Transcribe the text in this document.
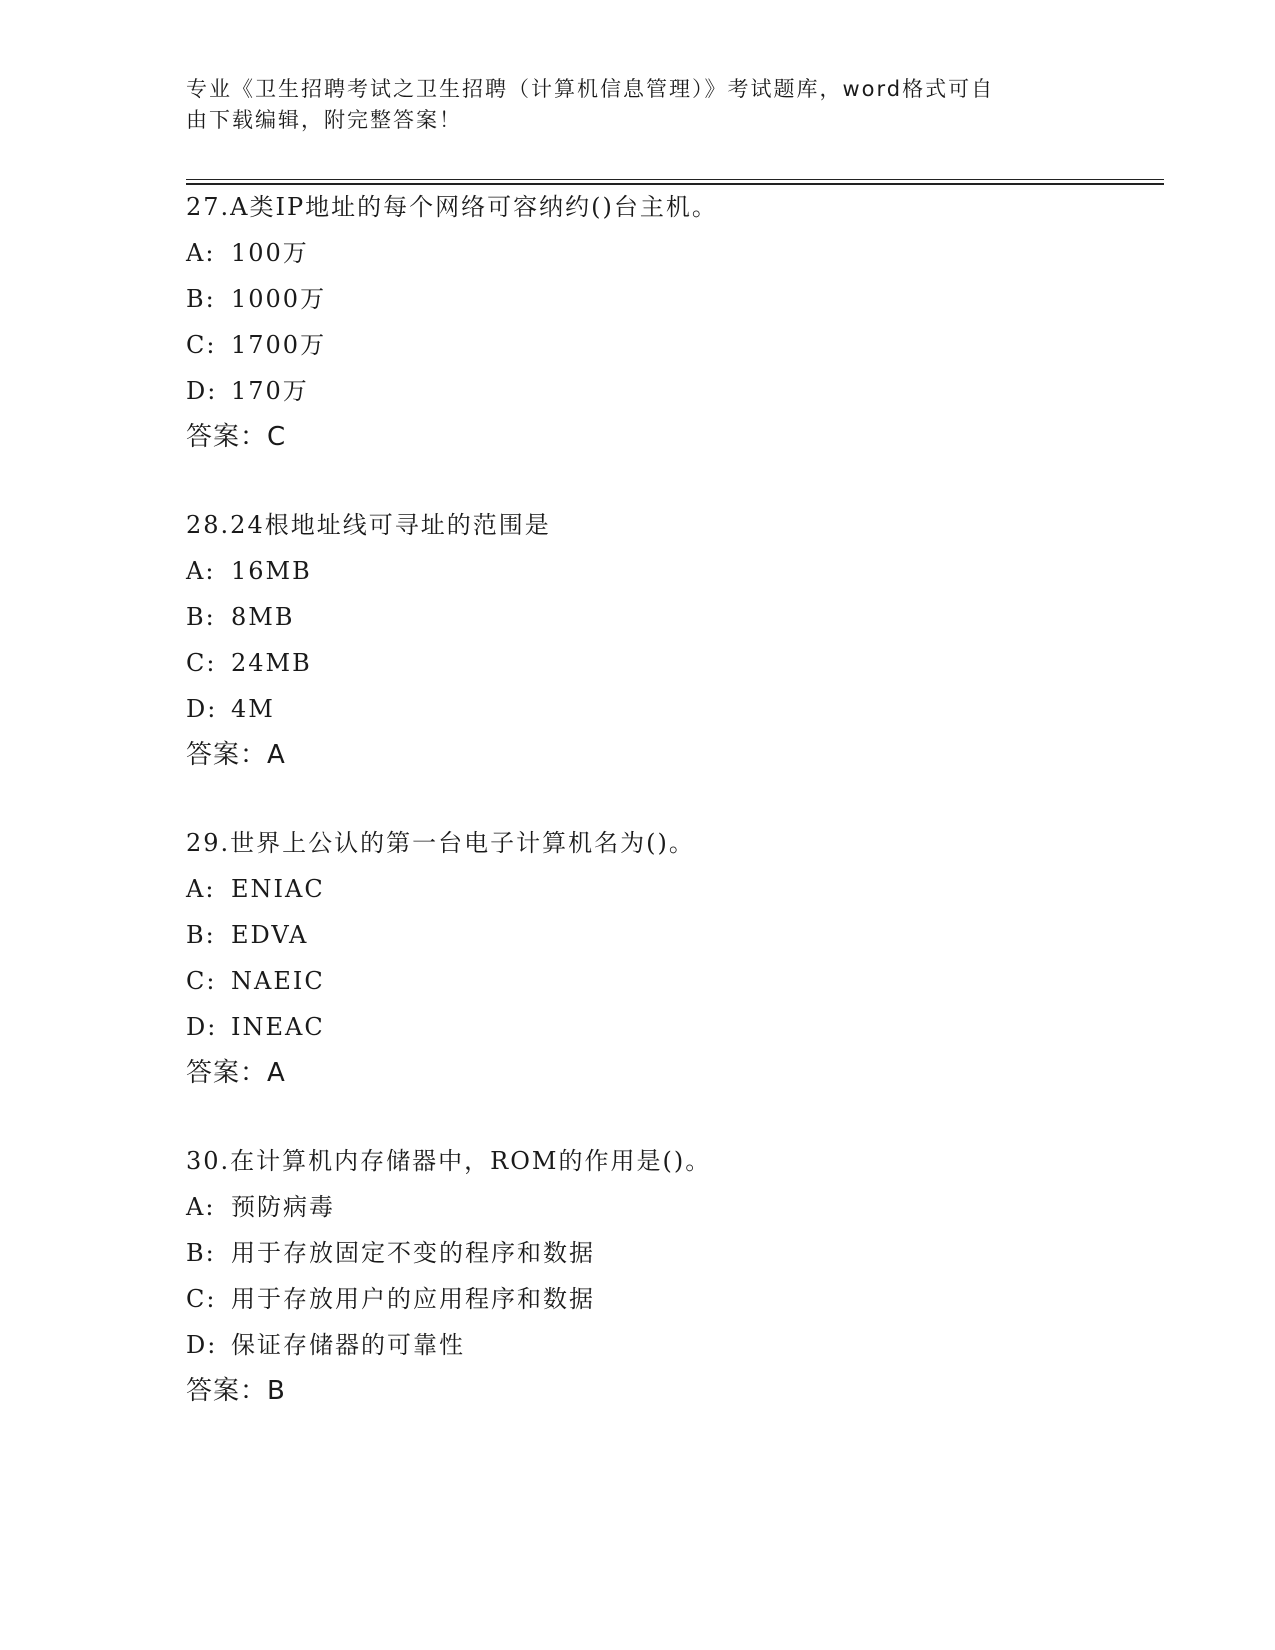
专业《卫生招聘考试之卫生招聘（计算机信息管理）》考试题库，word格式可自
由下载编辑，附完整答案！
27.A类IP地址的每个网络可容纳约()台主机。
A: 100万
B: 1000万
C: 1700万
D: 170万
答案：C
28.24根地址线可寻址的范围是
A: 16MB
B: 8MB
C: 24MB
D: 4M
答案：A
29.世界上公认的第一台电子计算机名为()。
A: ENIAC
B: EDVA
C: NAEIC
D: INEAC
答案：A
30.在计算机内存储器中，ROM的作用是()。
A: 预防病毒
B: 用于存放固定不变的程序和数据
C: 用于存放用户的应用程序和数据
D: 保证存储器的可靠性
答案：B
